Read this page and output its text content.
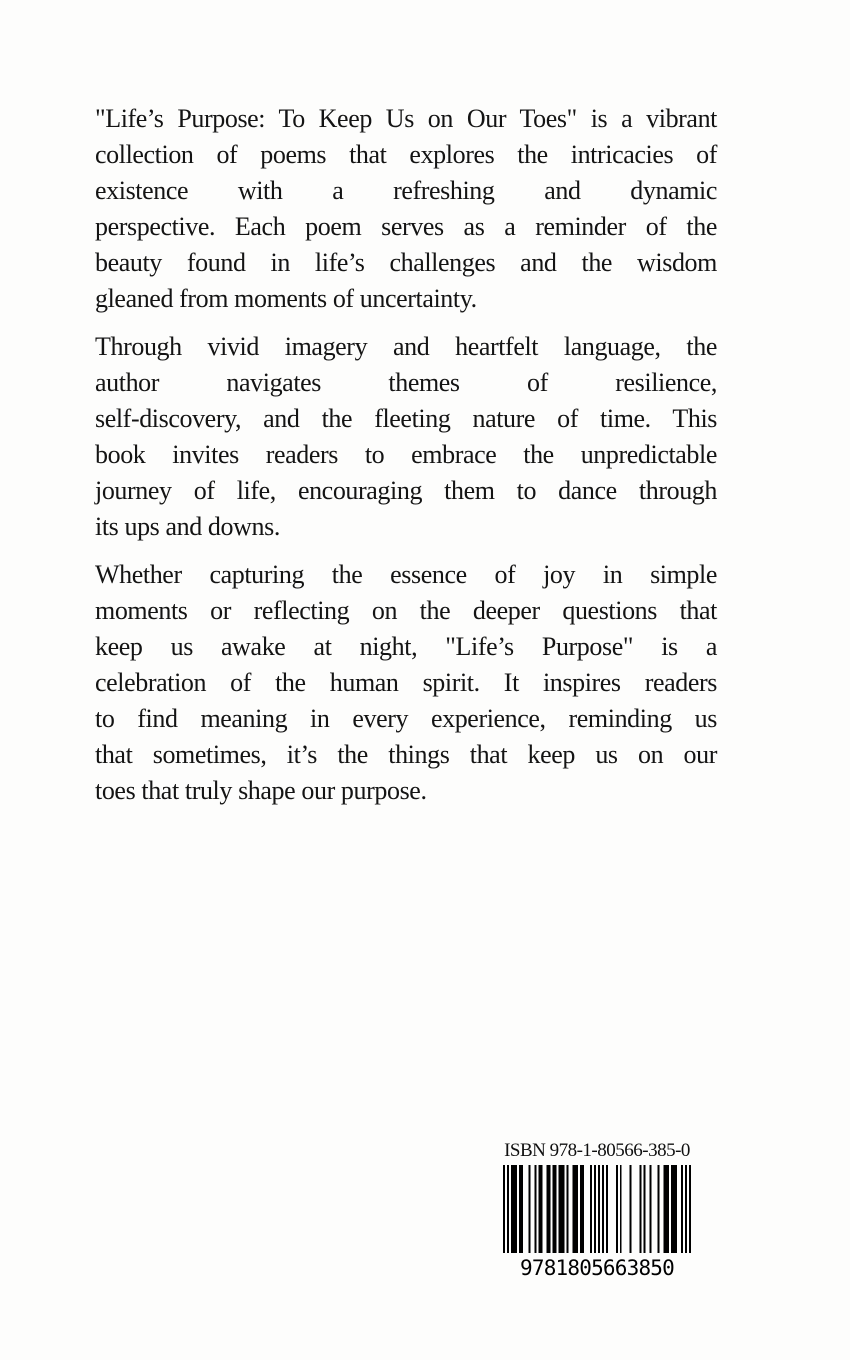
"Life’s Purpose: To Keep Us on Our Toes" is a vibrant
collection of poems that explores the intricacies of
existence with a refreshing and dynamic
perspective. Each poem serves as a reminder of the
beauty found in life’s challenges and the wisdom
gleaned from moments of uncertainty.
Through vivid imagery and heartfelt language, the
author navigates themes of resilience,
self-discovery, and the fleeting nature of time. This
book invites readers to embrace the unpredictable
journey of life, encouraging them to dance through
its ups and downs.
Whether capturing the essence of joy in simple
moments or reflecting on the deeper questions that
keep us awake at night, "Life’s Purpose" is a
celebration of the human spirit. It inspires readers
to find meaning in every experience, reminding us
that sometimes, it’s the things that keep us on our
toes that truly shape our purpose.
ISBN 978-1-80566-385-0
9781805663850
